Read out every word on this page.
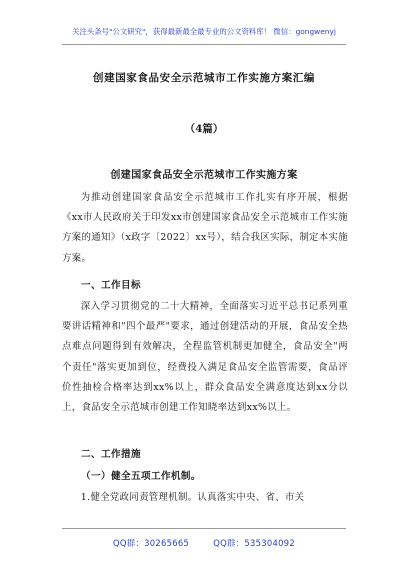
关注头条号"公文研究"，获得最新最全最专业的公文资料库！ 微信：gongwenyj
创建国家食品安全示范城市工作实施方案汇编
（4篇）
创建国家食品安全示范城市工作实施方案
为推动创建国家食品安全示范城市工作扎实有序开展，根据《xx市人民政府关于印发xx市创建国家食品安全示范城市工作实施方案的通知》（x政字〔2022〕xx号），结合我区实际，制定本实施方案。
一、工作目标
深入学习贯彻党的二十大精神，全面落实习近平总书记系列重要讲话精神和"四个最严"要求，通过创建活动的开展，食品安全热点难点问题得到有效解决，全程监管机制更加健全，食品安全"两个责任"落实更加到位，经费投入满足食品安全监管需要，食品评价性抽检合格率达到xx%以上，群众食品安全满意度达到xx分以上，食品安全示范城市创建工作知晓率达到xx%以上。
二、工作措施
（一）健全五项工作机制。
1.健全党政同责管理机制。认真落实中央、省、市关
QQ群：30265665	QQ群：535304092
